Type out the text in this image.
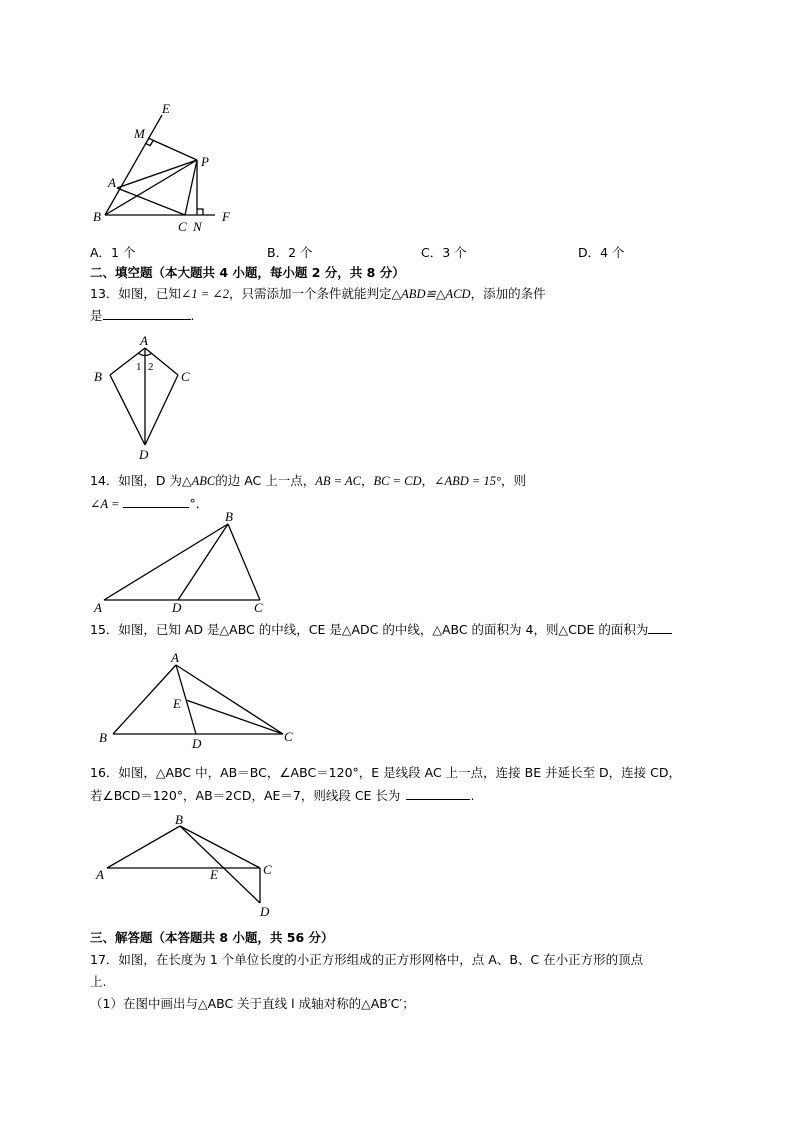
E
M
P
A
B
C N
F
A．1 个	B．2 个	C．3 个	D．4 个
二、填空题（本大题共 4 小题，每小题 2 分，共 8 分）
13．如图，已知∠1 = ∠2，只需添加一个条件就能判定△ABD≌△ACD，添加的条件
是	.
A
B	C
D
1 2
14．如图，D 为△ABC的边 AC 上一点，AB = AC，BC = CD，∠ABD = 15°，则
∠A =	°．
A
B
C
D
15．如图，已知 AD 是△ABC 的中线，CE 是△ADC 的中线，△ABC 的面积为 4，则△CDE 的面积为
A
B	C
D
E
16．如图，△ABC 中，AB＝BC，∠ABC＝120°，E 是线段 AC 上一点，连接 BE 并延长至 D，连接 CD，
若∠BCD＝120°，AB＝2CD，AE＝7，则线段 CE 长为	.
A
B
C
D
E
三、解答题（本答题共 8 小题，共 56 分）
17．如图，在长度为 1 个单位长度的小正方形组成的正方形网格中，点 A、B、C 在小正方形的顶点
上.
（1）在图中画出与△ABC 关于直线 l 成轴对称的△AB′C′；
